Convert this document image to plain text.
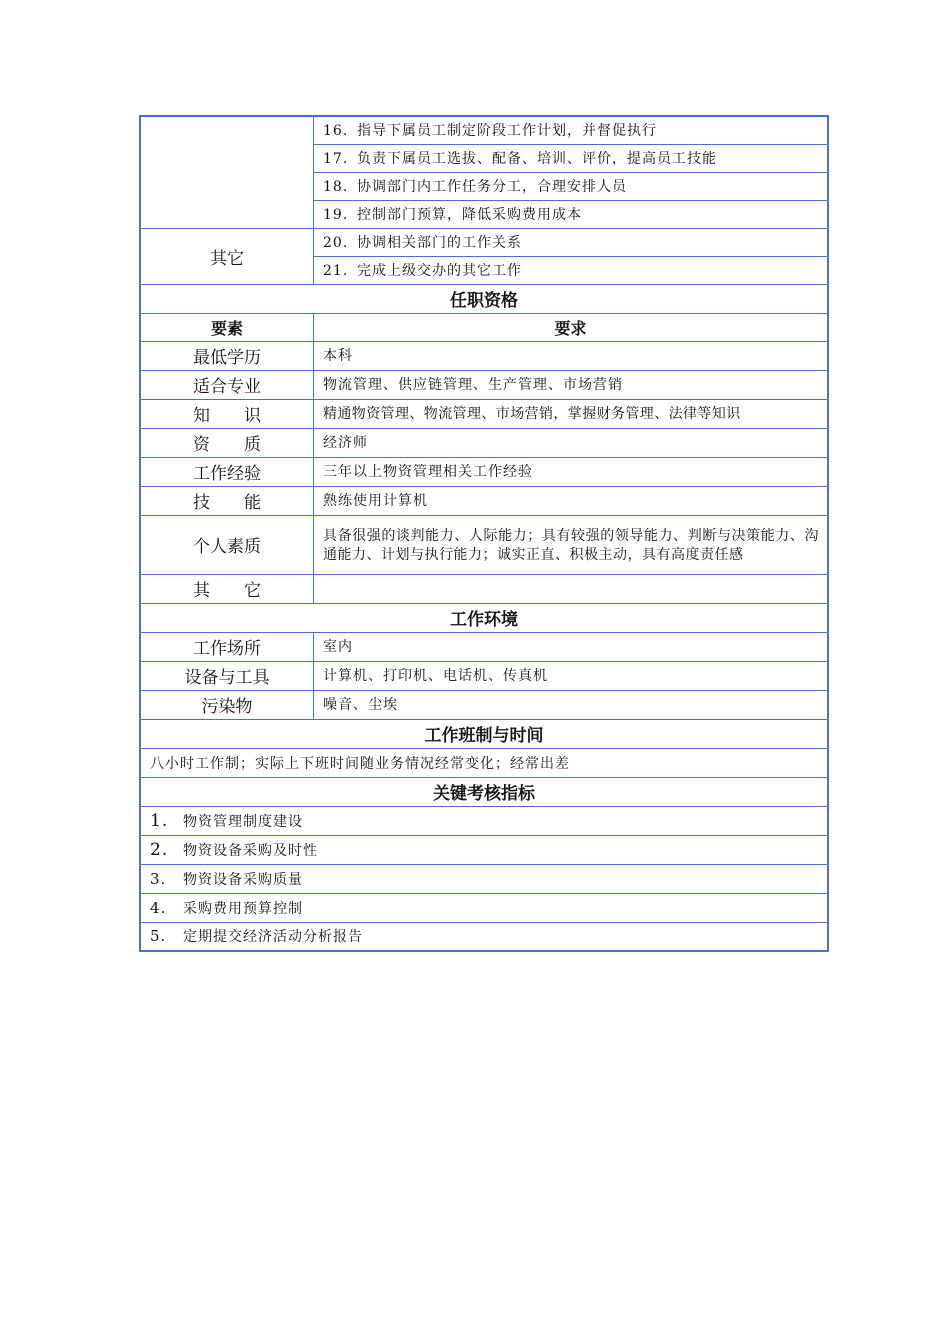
	16. 指导下属员工制定阶段工作计划，并督促执行
	17. 负责下属员工选拔、配备、培训、评价，提高员工技能
	18. 协调部门内工作任务分工，合理安排人员
	19. 控制部门预算，降低采购费用成本
其它	20. 协调相关部门的工作关系
	21. 完成上级交办的其它工作
任职资格	
要素	要求
最低学历	本科
适合专业	物流管理、供应链管理、生产管理、市场营销
知　　识	精通物资管理、物流管理、市场营销，掌握财务管理、法律等知识
资　　质	经济师
工作经验	三年以上物资管理相关工作经验
技　　能	熟练使用计算机
个人素质	具备很强的谈判能力、人际能力；具有较强的领导能力、判断与决策能力、沟通能力、计划与执行能力；诚实正直、积极主动，具有高度责任感
其　　它	
工作环境	
工作场所	室内
设备与工具	计算机、打印机、电话机、传真机
污染物	噪音、尘埃
工作班制与时间	
八小时工作制；实际上下班时间随业务情况经常变化；经常出差	
关键考核指标	
1. 物资管理制度建设	
2. 物资设备采购及时性	
3. 物资设备采购质量	
4. 采购费用预算控制	
5. 定期提交经济活动分析报告	
